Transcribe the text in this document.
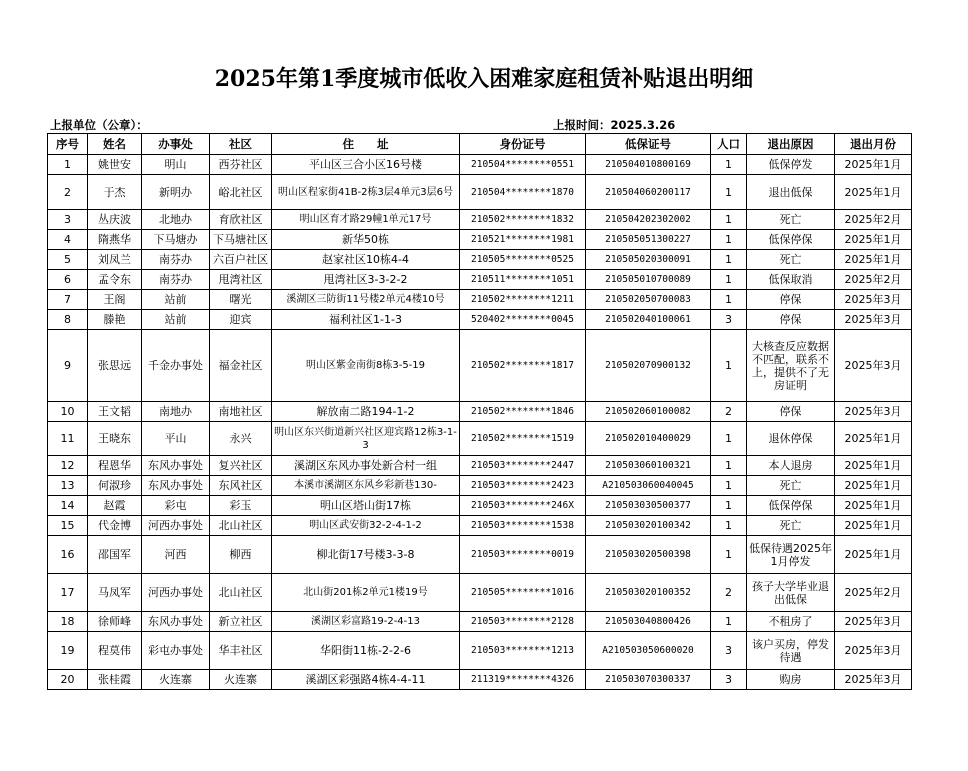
2025年第1季度城市低收入困难家庭租赁补贴退出明细
上报单位（公章）：	上报时间：2025.3.26
序号	姓名	办事处	社区	住　　址	身份证号	低保证号	人口	退出原因	退出月份
1	姚世安	明山	西芬社区	平山区三合小区16号楼	210504********0551	210504010800169	1	低保停发	2025年1月
2	于杰	新明办	峪北社区	明山区程家街41B-2栋3层4单元3层6号	210504********1870	210504060200117	1	退出低保	2025年1月
3	丛庆波	北地办	育欣社区	明山区育才路29幢1单元17号	210502********1832	210504202302002	1	死亡	2025年2月
4	隋燕华	下马塘办	下马塘社区	新华50栋	210521********1981	210505051300227	1	低保停保	2025年1月
5	刘凤兰	南芬办	六百户社区	赵家社区10栋4-4	210505********0525	210505020300091	1	死亡	2025年1月
6	孟令东	南芬办	甩湾社区	甩湾社区3-3-2-2	210511********1051	210505010700089	1	低保取消	2025年2月
7	王阁	站前	曙光	溪湖区三防街11号楼2单元4楼10号	210502********1211	210502050700083	1	停保	2025年3月
8	滕艳	站前	迎宾	福利社区1-1-3	520402********0045	210502040100061	3	停保	2025年3月
9	张思远	千金办事处	福金社区	明山区紫金南街8栋3-5-19	210502********1817	210502070900132	1	大核查反应数据不匹配，联系不上，提供不了无房证明	2025年3月
10	王文韬	南地办	南地社区	解放南二路194-1-2	210502********1846	210502060100082	2	停保	2025年3月
11	王晓东	平山	永兴	明山区东兴街道新兴社区迎宾路12栋3-1-3	210502********1519	210502010400029	1	退休停保	2025年1月
12	程恩华	东风办事处	复兴社区	溪湖区东风办事处新合村一组	210503********2447	210503060100321	1	本人退房	2025年1月
13	何淑珍	东风办事处	东风社区	本溪市溪湖区东风乡彩新巷130-	210503********2423	A210503060040045	1	死亡	2025年1月
14	赵霞	彩屯	彩玉	明山区塔山街17栋	210503********246X	210503030500377	1	低保停保	2025年1月
15	代金博	河西办事处	北山社区	明山区武安街32-2-4-1-2	210503********1538	210503020100342	1	死亡	2025年1月
16	邵国军	河西	柳西	柳北街17号楼3-3-8	210503********0019	210503020500398	1	低保待遇2025年1月停发	2025年1月
17	马凤军	河西办事处	北山社区	北山街201栋2单元1楼19号	210505********1016	210503020100352	2	孩子大学毕业退出低保	2025年2月
18	徐师峰	东风办事处	新立社区	溪湖区彩富路19-2-4-13	210503********2128	210503040800426	1	不租房了	2025年3月
19	程莫伟	彩屯办事处	华丰社区	华阳街11栋-2-2-6	210503********1213	A210503050600020	3	该户买房，停发待遇	2025年3月
20	张桂霞	火连寨	火连寨	溪湖区彩强路4栋4-4-11	211319********4326	210503070300337	3	购房	2025年3月
